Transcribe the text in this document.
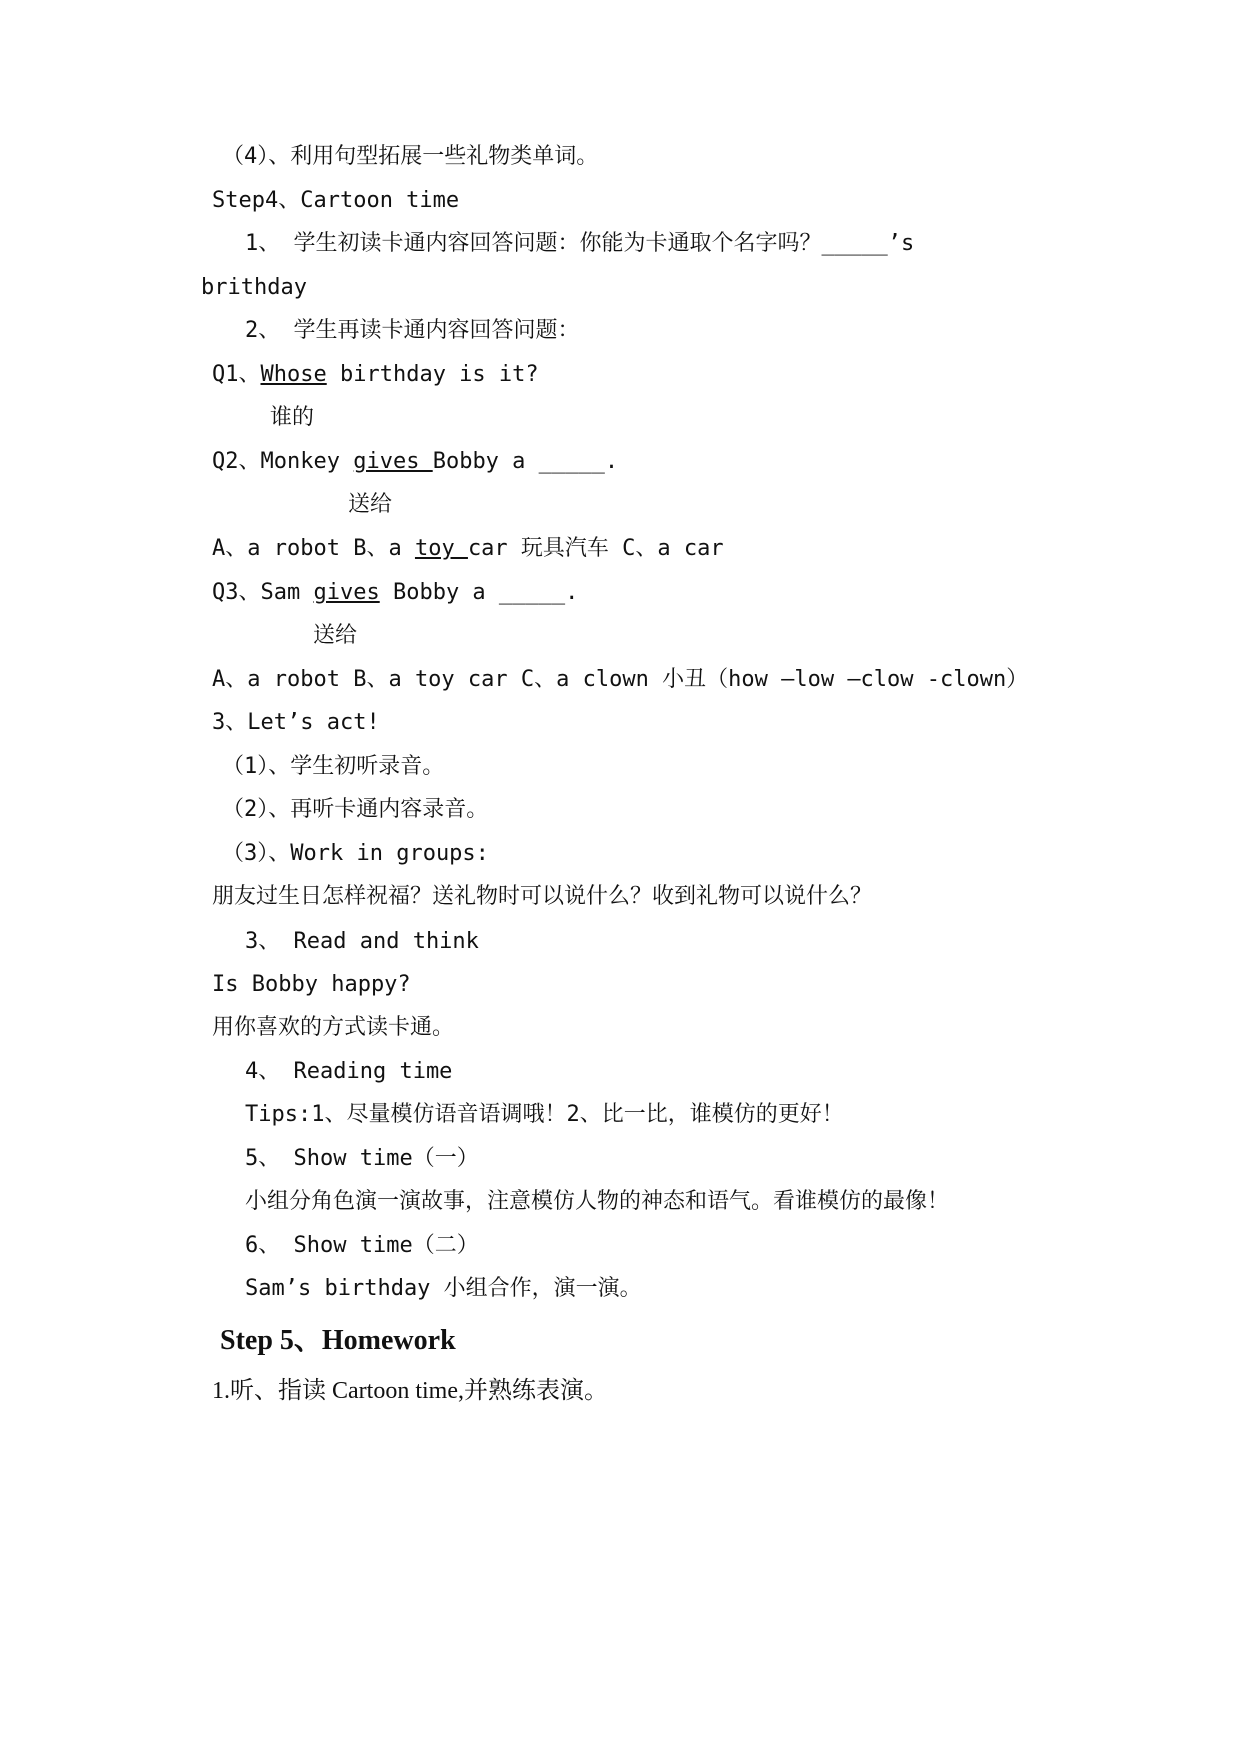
（4）、利用句型拓展一些礼物类单词。
Step4、Cartoon time
1、 学生初读卡通内容回答问题：你能为卡通取个名字吗？_____’s
brithday
2、 学生再读卡通内容回答问题：
Q1、Whose birthday is it?
谁的
Q2、Monkey gives Bobby a _____.
送给
A、a robot B、a toy car 玩具汽车 C、a car
Q3、Sam gives Bobby a _____.
送给
A、a robot B、a toy car C、a clown 小丑（how –low –clow -clown）
3、Let’s act!
（1）、学生初听录音。
（2）、再听卡通内容录音。
（3）、Work in groups:
朋友过生日怎样祝福？送礼物时可以说什么？收到礼物可以说什么？
3、 Read and think
Is Bobby happy?
用你喜欢的方式读卡通。
4、 Reading time
Tips:1、尽量模仿语音语调哦！2、比一比，谁模仿的更好！
5、 Show time（一）
小组分角色演一演故事，注意模仿人物的神态和语气。看谁模仿的最像！
6、 Show time（二）
Sam’s birthday 小组合作，演一演。
Step 5、Homework
1.听、指读 Cartoon time,并熟练表演。
